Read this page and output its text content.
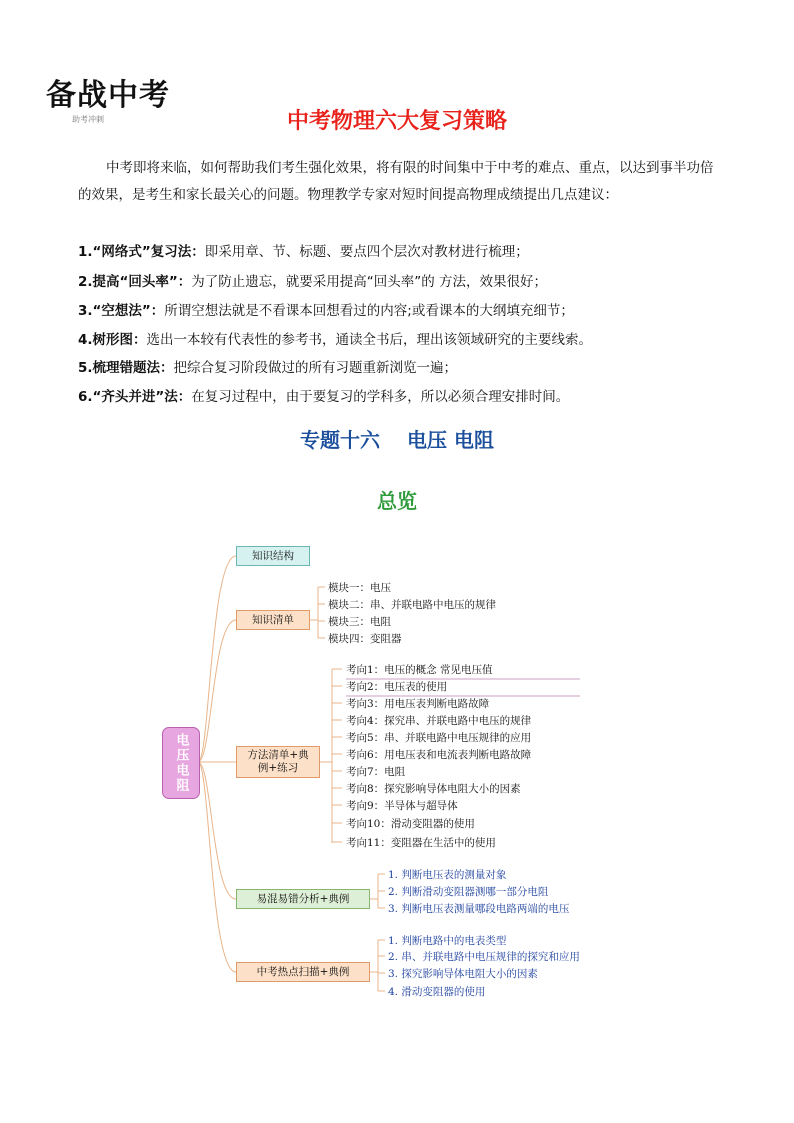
备战中考
助考冲刺	中考物理六大复习策略
中考即将来临，如何帮助我们考生强化效果，将有限的时间集中于中考的难点、重点，以达到事半功倍的效果，是考生和家长最关心的问题。物理教学专家对短时间提高物理成绩提出几点建议：
1.“网络式”复习法：即采用章、节、标题、要点四个层次对教材进行梳理；
2.提高“回头率”：为了防止遗忘，就要采用提高“回头率”的 方法，效果很好；
3.“空想法”：所谓空想法就是不看课本回想看过的内容;或看课本的大纲填充细节；
4.树形图：选出一本较有代表性的参考书，通读全书后，理出该领域研究的主要线索。
5.梳理错题法：把综合复习阶段做过的所有习题重新浏览一遍；
6.“齐头并进”法：在复习过程中，由于要复习的学科多，所以必须合理安排时间。
专题十六　 电压 电阻
总览
电压电阻
知识结构
知识清单
方法清单+典例+练习
易混易错分析+典例
中考热点扫描+典例
模块一：电压
模块二：串、并联电路中电压的规律
模块三：电阻
模块四：变阻器
考向1：电压的概念 常见电压值
考向2：电压表的使用
考向3：用电压表判断电路故障
考向4：探究串、并联电路中电压的规律
考向5：串、并联电路中电压规律的应用
考向6：用电压表和电流表判断电路故障
考向7：电阻
考向8：探究影响导体电阻大小的因素
考向9：半导体与超导体
考向10：滑动变阻器的使用
考向11：变阻器在生活中的使用
1. 判断电压表的测量对象
2. 判断滑动变阻器测哪一部分电阻
3. 判断电压表测量哪段电路两端的电压
1. 判断电路中的电表类型
2. 串、并联电路中电压规律的探究和应用
3. 探究影响导体电阻大小的因素
4. 滑动变阻器的使用
